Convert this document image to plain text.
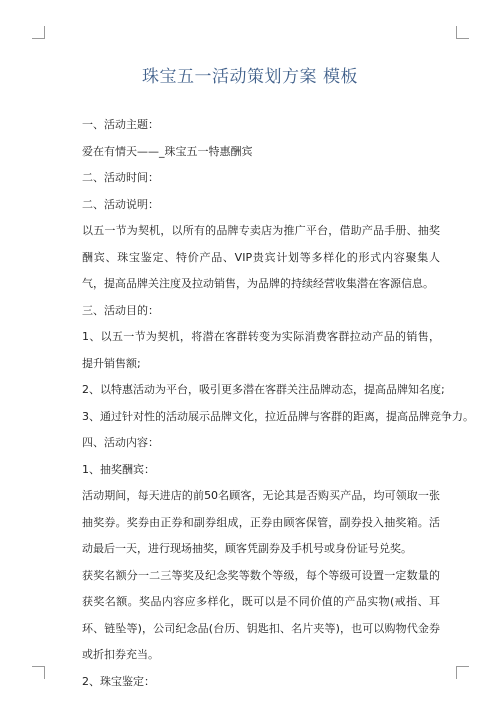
珠宝五一活动策划方案 模板

一、活动主题：

爱在有情天——_珠宝五一特惠酬宾

二、活动时间：

二、活动说明：

以五一节为契机，以所有的品牌专卖店为推广平台，借助产品手册、抽奖酬宾、珠宝鉴定、特价产品、VIP贵宾计划等多样化的形式内容聚集人气，提高品牌关注度及拉动销售，为品牌的持续经营收集潜在客源信息。

三、活动目的：

1、以五一节为契机，将潜在客群转变为实际消费客群拉动产品的销售，提升销售额;

2、以特惠活动为平台，吸引更多潜在客群关注品牌动态，提高品牌知名度;

3、通过针对性的活动展示品牌文化，拉近品牌与客群的距离，提高品牌竞争力。

四、活动内容：

1、抽奖酬宾：

活动期间，每天进店的前50名顾客，无论其是否购买产品，均可领取一张抽奖券。奖券由正券和副券组成，正券由顾客保管，副券投入抽奖箱。活动最后一天，进行现场抽奖，顾客凭副券及手机号或身份证号兑奖。

获奖名额分一二三等奖及纪念奖等数个等级，每个等级可设置一定数量的获奖名额。奖品内容应多样化，既可以是不同价值的产品实物(戒指、耳环、链坠等)，公司纪念品(台历、钥匙扣、名片夹等)，也可以购物代金券或折扣券充当。

2、珠宝鉴定：
